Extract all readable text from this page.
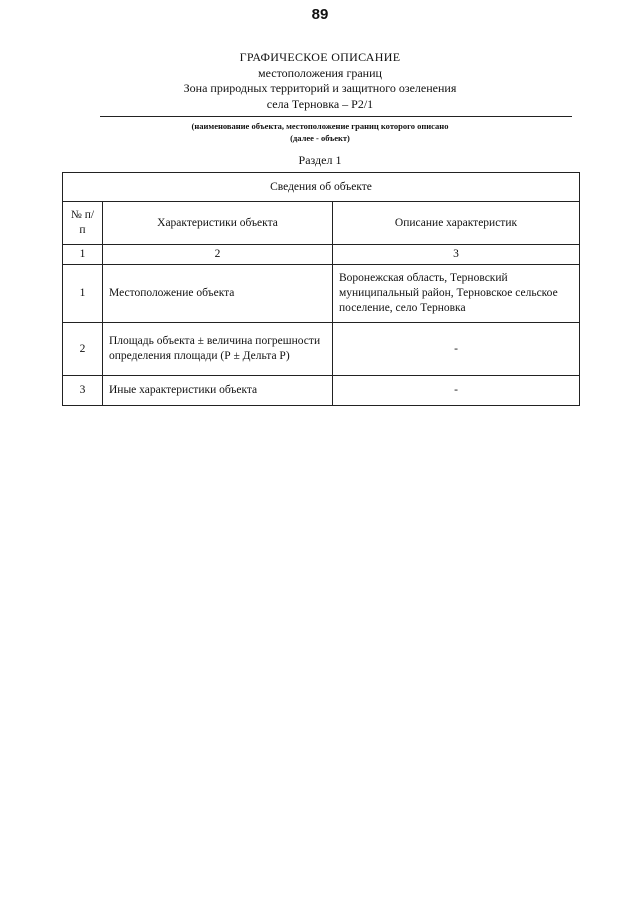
89
ГРАФИЧЕСКОЕ ОПИСАНИЕ
местоположения границ
Зона природных территорий и защитного озеленения
села Терновка – Р2/1
(наименование объекта, местоположение границ которого описано
(далее - объект)
Раздел 1
Сведения об объекте		
№ п/п	Характеристики объекта	Описание характеристик
1	2	3
1	Местоположение объекта	Воронежская область, Терновский муниципальный район, Терновское сельское поселение, село Терновка
2	Площадь объекта ± величина погрешности определения площади (Р ± Дельта Р)	-
3	Иные характеристики объекта	-
